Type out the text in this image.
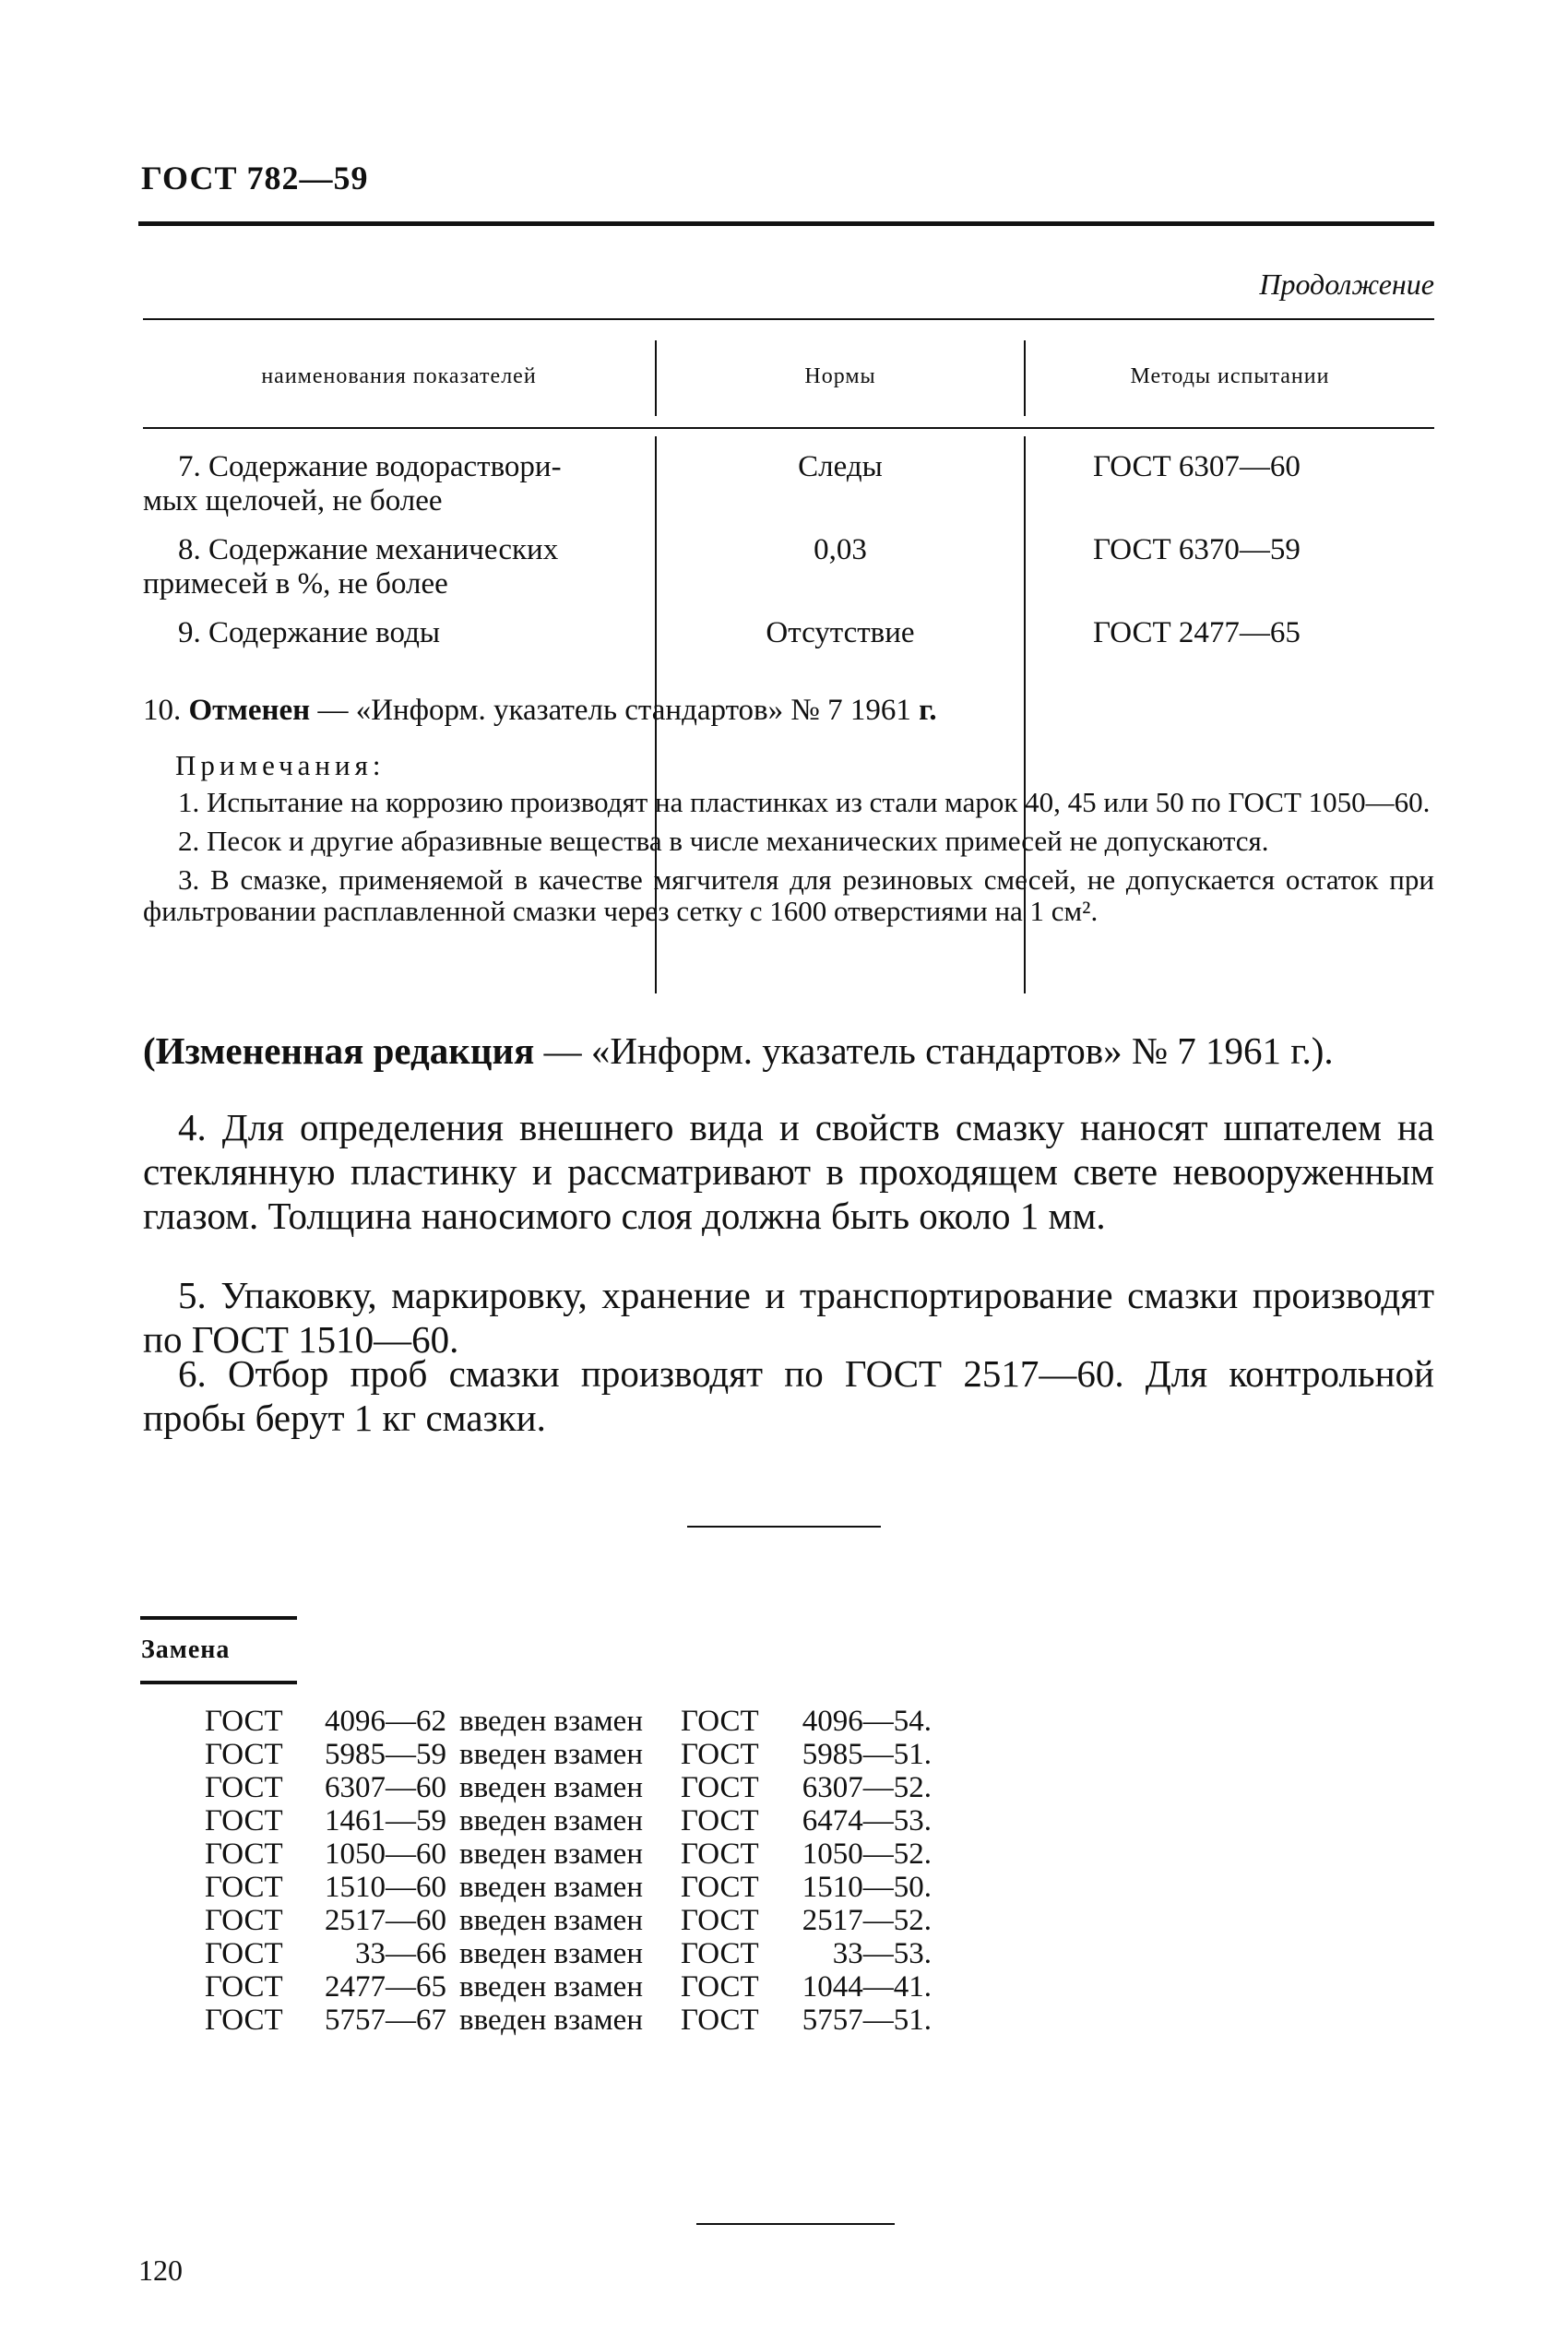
ГОСТ 782—59
Продолжение
наименования показателей	Нормы	Методы испытании
7. Содержание водораствори-
мых щелочей, не более
Следы	ГОСТ 6307—60
8. Содержание механических
примесей в %, не более
0,03	ГОСТ 6370—59
9. Содержание воды	Отсутствие	ГОСТ 2477—65
10. Отменен — «Информ. указатель стандартов» № 7 1961 г.
Примечания:

1. Испытание на коррозию производят на пластинках из стали марок 40, 45 или 50 по ГОСТ 1050—60.

2. Песок и другие абразивные вещества в числе механических примесей не допускаются.

3. В смазке, применяемой в качестве мягчителя для резиновых смесей, не допускается остаток при фильтровании расплавленной смазки через сетку с 1600 отверстиями на 1 см².

(Измененная редакция — «Информ. указатель стандартов» № 7 1961 г.).
4. Для определения внешнего вида и свойств смазку наносят шпателем на стеклянную пластинку и рассматривают в проходящем свете невооруженным глазом. Толщина наносимого слоя должна быть около 1 мм.
5. Упаковку, маркировку, хранение и транспортирование смазки производят по ГОСТ 1510—60.
6. Отбор проб смазки производят по ГОСТ 2517—60. Для контрольной пробы берут 1 кг смазки.
Замена
ГОСТ	4096—62 введен взамен	ГОСТ	4096—54.
ГОСТ	5985—59 введен взамен	ГОСТ	5985—51.
ГОСТ	6307—60 введен взамен	ГОСТ	6307—52.
ГОСТ	1461—59 введен взамен	ГОСТ	6474—53.
ГОСТ	1050—60 введен взамен	ГОСТ	1050—52.
ГОСТ	1510—60 введен взамен	ГОСТ	1510—50.
ГОСТ	2517—60 введен взамен	ГОСТ	2517—52.
ГОСТ	33—66 введен взамен	ГОСТ	33—53.
ГОСТ	2477—65 введен взамен	ГОСТ	1044—41.
ГОСТ	5757—67 введен взамен	ГОСТ	5757—51.
120
